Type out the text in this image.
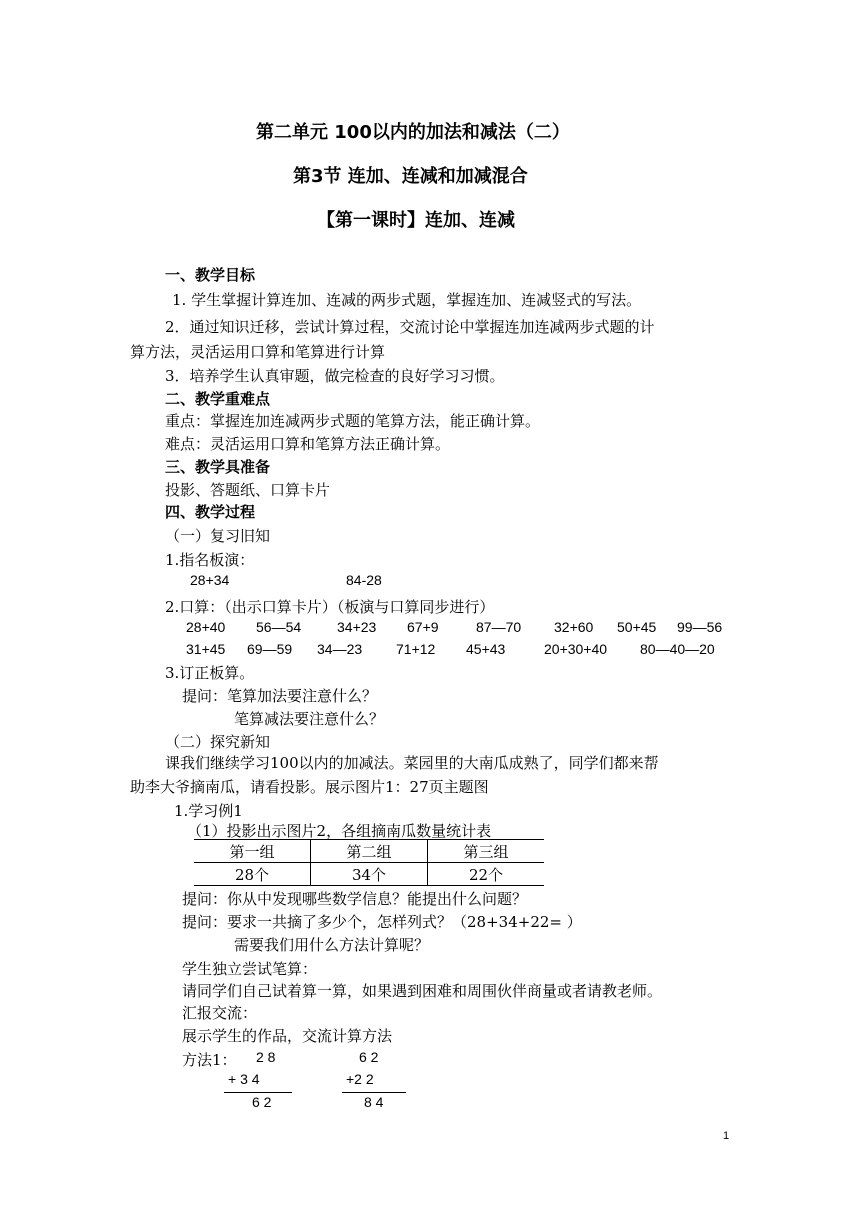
第二单元 100以内的加法和减法（二）
第3节 连加、连减和加减混合
【第一课时】连加、连减
一、教学目标
1. 学生掌握计算连加、连减的两步式题，掌握连加、连减竖式的写法。
2．通过知识迁移，尝试计算过程，交流讨论中掌握连加连减两步式题的计
算方法，灵活运用口算和笔算进行计算
3．培养学生认真审题，做完检查的良好学习习惯。
二、教学重难点
重点：掌握连加连减两步式题的笔算方法，能正确计算。
难点：灵活运用口算和笔算方法正确计算。
三、教学具准备
投影、答题纸、口算卡片
四、教学过程
（一）复习旧知
1.指名板演：
28+34	84-28
2.口算：（出示口算卡片）（板演与口算同步进行）
28+40 56—54	34+23 67+9	87—70 32+60 50+45 99—56
31+45 69—59 34—23 71+12 45+43	20+30+40 80—40—20
3.订正板算。
提问：笔算加法要注意什么？
笔算减法要注意什么？
（二）探究新知
课我们继续学习100以内的加减法。菜园里的大南瓜成熟了，同学们都来帮
助李大爷摘南瓜，请看投影。展示图片1：27页主题图
1.学习例1
（1）投影出示图片2，各组摘南瓜数量统计表
第一组	第二组	第三组
28个	34个	22个
提问：你从中发现哪些数学信息？能提出什么问题？
提问：要求一共摘了多少个，怎样列式？（28+34+22= ）
需要我们用什么方法计算呢？
学生独立尝试笔算：
请同学们自己试着算一算，如果遇到困难和周围伙伴商量或者请教老师。
汇报交流：
展示学生的作品，交流计算方法
方法1： 2 8
+ 3 4
6 2
6 2
+2 2
8 4
1
